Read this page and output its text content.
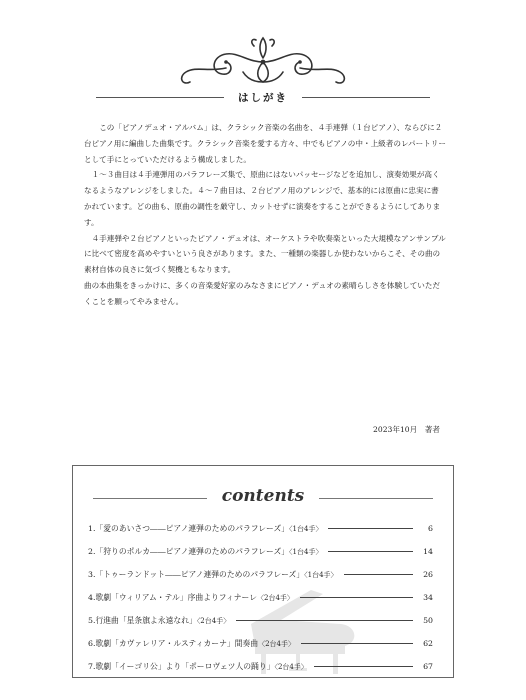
はしがき

この「ピアノデュオ・アルバム」は、クラシック音楽の名曲を、４手連弾（１台ピアノ）、ならびに２台ピアノ用に編曲した曲集です。クラシック音楽を愛する方々、中でもピアノの中・上級者のレパートリーとして手にとっていただけるよう構成しました。

１～３曲目は４手連弾用のパラフレーズ集で、原曲にはないパッセージなどを追加し、演奏効果が高くなるようなアレンジをしました。４～７曲目は、２台ピアノ用のアレンジで、基本的には原曲に忠実に書かれています。どの曲も、原曲の調性を厳守し、カットせずに演奏をすることができるようにしてあります。

４手連弾や２台ピアノといったピアノ・デュオは、オーケストラや吹奏楽といった大規模なアンサンブルに比べて密度を高めやすいという良さがあります。また、一種類の楽器しか使わないからこそ、その曲の素材自体の良さに気づく契機ともなります。

曲の本曲集をきっかけに、多くの音楽愛好家のみなさまにピアノ・デュオの素晴らしさを体験していただくことを願ってやみません。

2023年10月　著者
contents
1.「愛のあいさつ――ピアノ連弾のためのパラフレーズ」〈1台4手〉	6
2.「狩りのポルカ――ピアノ連弾のためのパラフレーズ」〈1台4手〉	14
3.「トゥーランドット――ピアノ連弾のためのパラフレーズ」〈1台4手〉	26
4.歌劇「ウィリアム・テル」序曲よりフィナーレ〈2台4手〉	34
5.行進曲「星条旗よ永遠なれ」〈2台4手〉	50
6.歌劇「カヴァレリア・ルスティカーナ」間奏曲〈2台4手〉	62
7.歌劇「イーゴリ公」より「ポーロヴェツ人の踊り」〈2台4手〉	67
